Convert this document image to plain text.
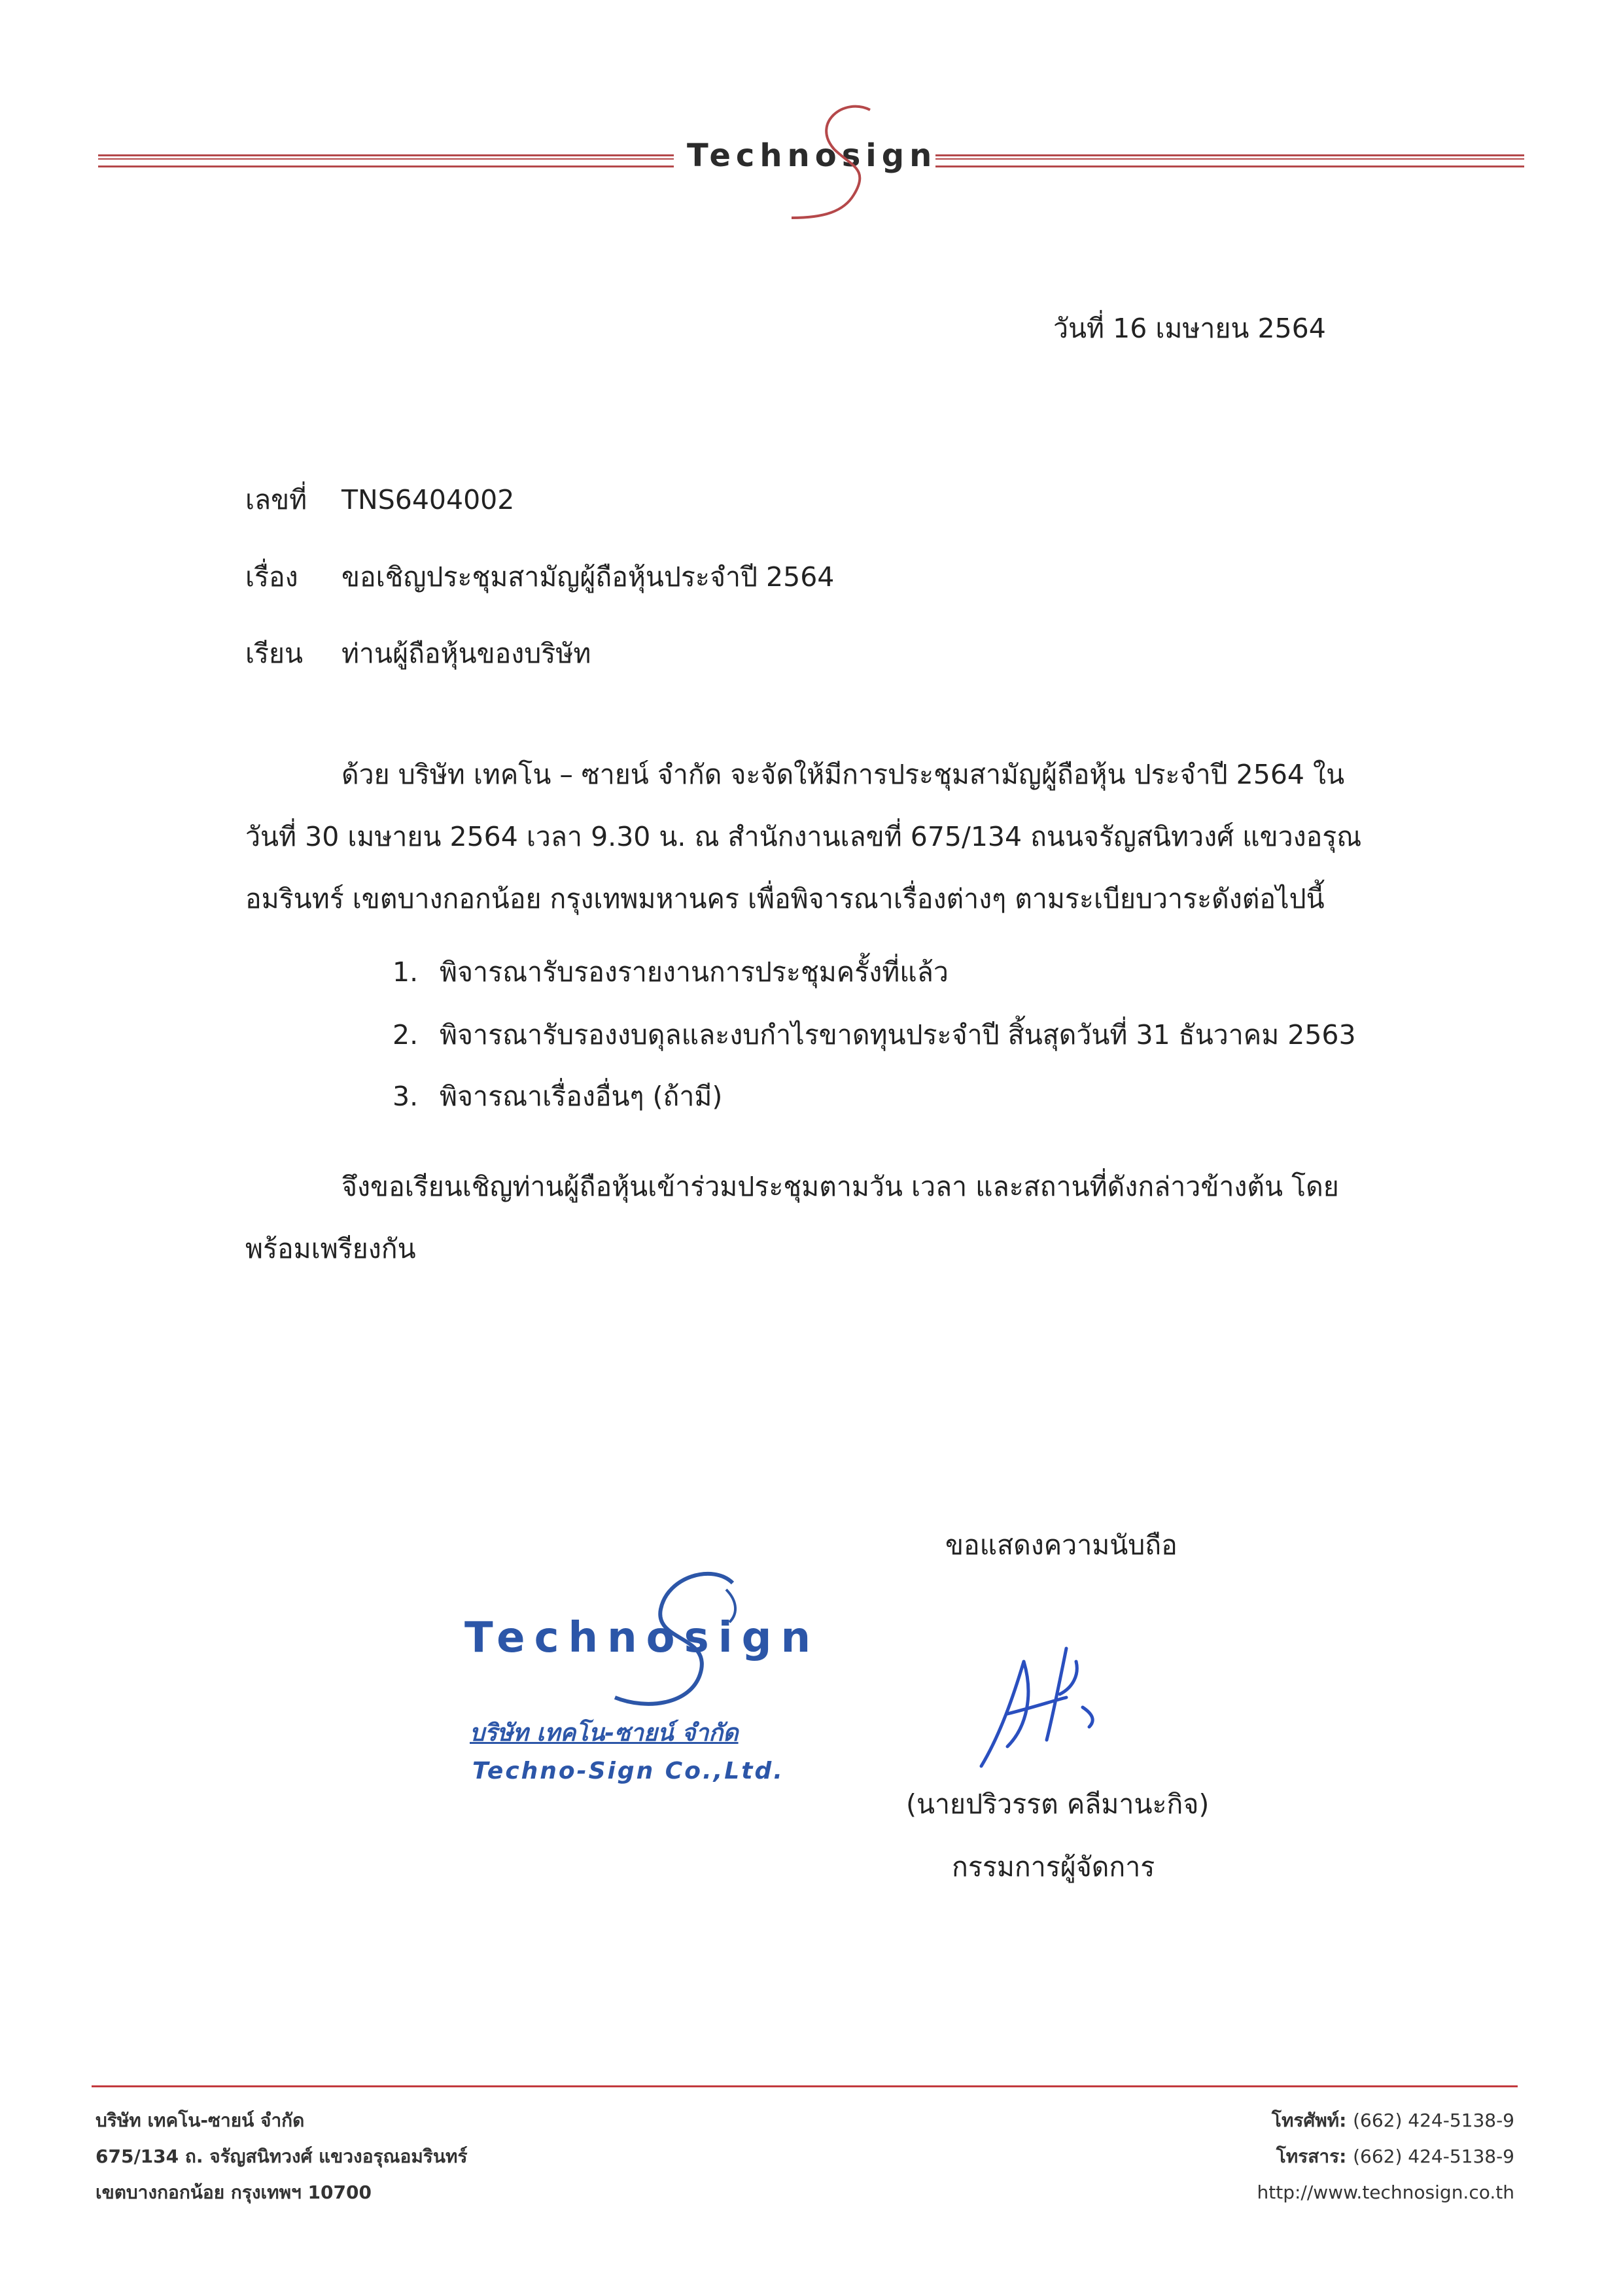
Technosign
วันที่ 16 เมษายน 2564
เลขที่ TNS6404002
เรื่อง ขอเชิญประชุมสามัญผู้ถือหุ้นประจำปี 2564
เรียน ท่านผู้ถือหุ้นของบริษัท
ด้วย บริษัท เทคโน – ซายน์ จำกัด จะจัดให้มีการประชุมสามัญผู้ถือหุ้น ประจำปี 2564 ใน
วันที่ 30 เมษายน 2564 เวลา 9.30 น. ณ สำนักงานเลขที่ 675/134 ถนนจรัญสนิทวงศ์ แขวงอรุณ
อมรินทร์ เขตบางกอกน้อย กรุงเทพมหานคร เพื่อพิจารณาเรื่องต่างๆ ตามระเบียบวาระดังต่อไปนี้
1. พิจารณารับรองรายงานการประชุมครั้งที่แล้ว
2. พิจารณารับรองงบดุลและงบกำไรขาดทุนประจำปี สิ้นสุดวันที่ 31 ธันวาคม 2563
3. พิจารณาเรื่องอื่นๆ (ถ้ามี)
จึงขอเรียนเชิญท่านผู้ถือหุ้นเข้าร่วมประชุมตามวัน เวลา และสถานที่ดังกล่าวข้างต้น โดย
พร้อมเพรียงกัน
ขอแสดงความนับถือ
(นายปริวรรต คลีมานะกิจ)
กรรมการผู้จัดการ
Technosign
บริษัท เทคโน-ซายน์ จำกัด
Techno-Sign Co.,Ltd.
บริษัท เทคโน-ซายน์ จำกัด
675/134 ถ. จรัญสนิทวงศ์ แขวงอรุณอมรินทร์
เขตบางกอกน้อย กรุงเทพฯ 10700
โทรศัพท์: (662) 424-5138-9
โทรสาร: (662) 424-5138-9
http://www.technosign.co.th
